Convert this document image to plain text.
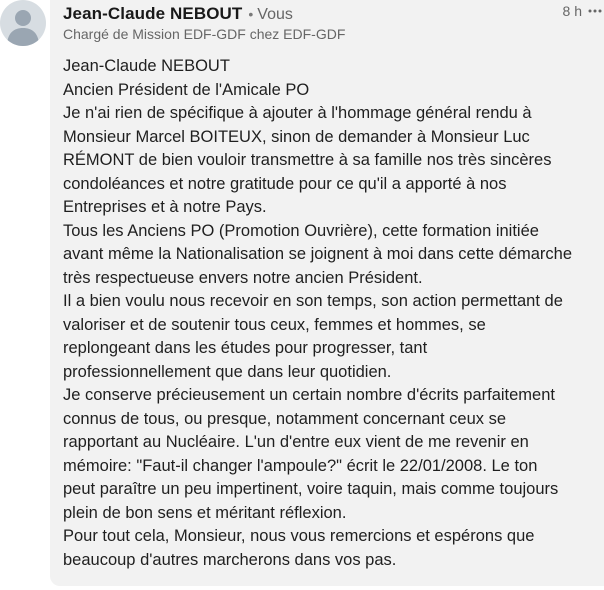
Jean-Claude NEBOUT • Vous
Chargé de Mission EDF-GDF chez EDF-GDF
8 h
Jean-Claude NEBOUT
Ancien Président de l'Amicale PO
Je n'ai rien de spécifique à ajouter à l'hommage général rendu à
Monsieur Marcel BOITEUX, sinon de demander à Monsieur Luc
RÉMONT de bien vouloir transmettre à sa famille nos très sincères
condoléances et notre gratitude pour ce qu'il a apporté à nos
Entreprises et à notre Pays.
Tous les Anciens PO (Promotion Ouvrière), cette formation initiée
avant même la Nationalisation se joignent à moi dans cette démarche
très respectueuse envers notre ancien Président.
Il a bien voulu nous recevoir en son temps, son action permettant de
valoriser et de soutenir tous ceux, femmes et hommes, se
replongeant dans les études pour progresser, tant
professionnellement que dans leur quotidien.
Je conserve précieusement un certain nombre d'écrits parfaitement
connus de tous, ou presque, notamment concernant ceux se
rapportant au Nucléaire. L'un d'entre eux vient de me revenir en
mémoire: "Faut-il changer l'ampoule?" écrit le 22/01/2008. Le ton
peut paraître un peu impertinent, voire taquin, mais comme toujours
plein de bon sens et méritant réflexion.
Pour tout cela, Monsieur, nous vous remercions et espérons que
beaucoup d'autres marcherons dans vos pas.
